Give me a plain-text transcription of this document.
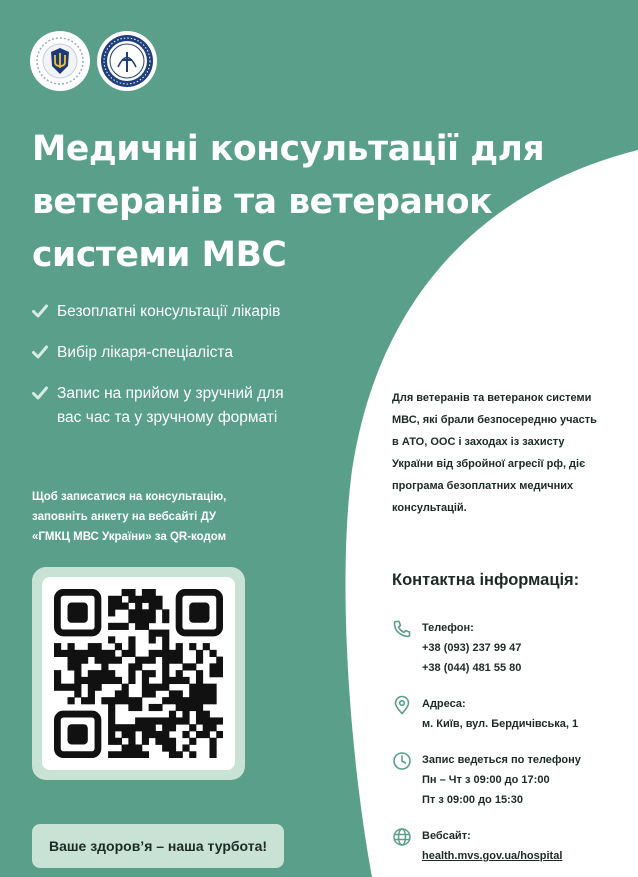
Медичні консультації для
ветеранів та ветеранок
системи МВС
Безоплатні консультації лікарів
Вибір лікаря-спеціаліста
Запис на прийом у зручний для
вас час та у зручному форматі

Щоб записатися на консультацію,
заповніть анкету на вебсайті ДУ
«ГМКЦ МВС України» за QR-кодом

Ваше здоров’я – наша турбота!

Для ветеранів та ветеранок системи
МВС, які брали безпосередню участь
в АТО, ООС і заходах із захисту
України від збройної агресії рф, діє
програма безоплатних медичних
консультацій.

Контактна інформація:
Телефон:
+38 (093) 237 99 47
+38 (044) 481 55 80
Адреса:
м. Київ, вул. Бердичівська, 1
Запис ведеться по телефону
Пн – Чт з 09:00 до 17:00
Пт з 09:00 до 15:30
Вебсайт:
health.mvs.gov.ua/hospital
